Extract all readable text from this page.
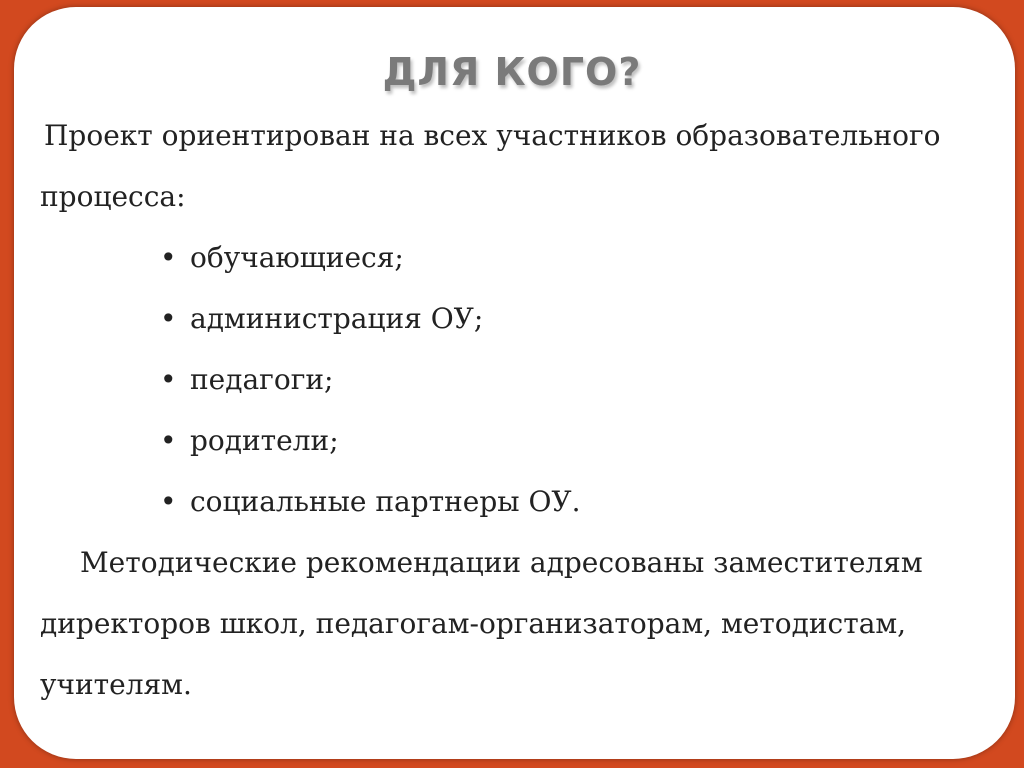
ДЛЯ КОГО?

Проект ориентирован на всех участников образовательного процесса:

• обучающиеся;
• администрация ОУ;
• педагоги;
• родители;
• социальные партнеры ОУ.

Методические рекомендации адресованы заместителям директоров школ, педагогам-организаторам, методистам, учителям.
